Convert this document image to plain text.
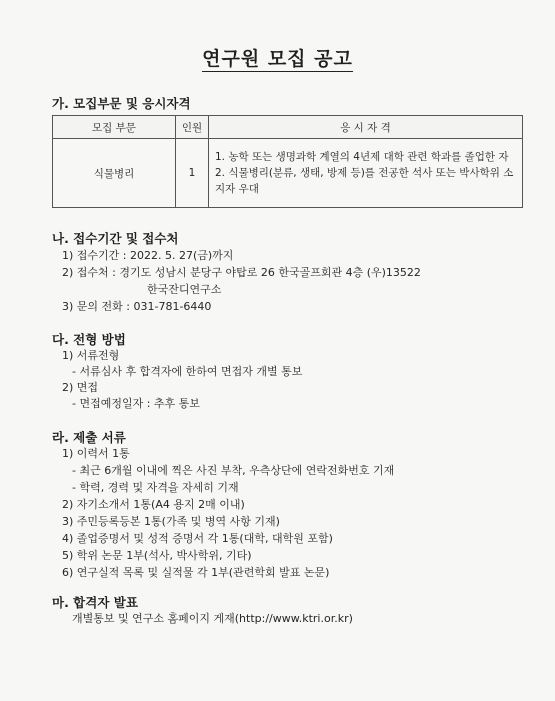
연구원 모집 공고
가. 모집부문 및 응시자격
모집 부문	인원	응 시 자 격
식물병리	1	1. 농학 또는 생명과학 계열의 4년제 대학 관련 학과를 졸업한 자
2. 식물병리(분류, 생태, 방제 등)를 전공한 석사 또는 박사학위 소지자 우대
나. 접수기간 및 접수처
1) 접수기간 : 2022. 5. 27(금)까지
2) 접수처 : 경기도 성남시 분당구 야탑로 26 한국골프회관 4층 (우)13522
한국잔디연구소
3) 문의 전화 : 031-781-6440
다. 전형 방법
1) 서류전형
- 서류심사 후 합격자에 한하여 면접자 개별 통보
2) 면접
- 면접예정일자 : 추후 통보
라. 제출 서류
1) 이력서 1통
- 최근 6개월 이내에 찍은 사진 부착, 우측상단에 연락전화번호 기재
- 학력, 경력 및 자격을 자세히 기재
2) 자기소개서 1통(A4 용지 2매 이내)
3) 주민등록등본 1통(가족 및 병역 사항 기재)
4) 졸업증명서 및 성적 증명서 각 1통(대학, 대학원 포함)
5) 학위 논문 1부(석사, 박사학위, 기타)
6) 연구실적 목록 및 실적물 각 1부(관련학회 발표 논문)
마. 합격자 발표
개별통보 및 연구소 홈페이지 게재(http://www.ktri.or.kr)
